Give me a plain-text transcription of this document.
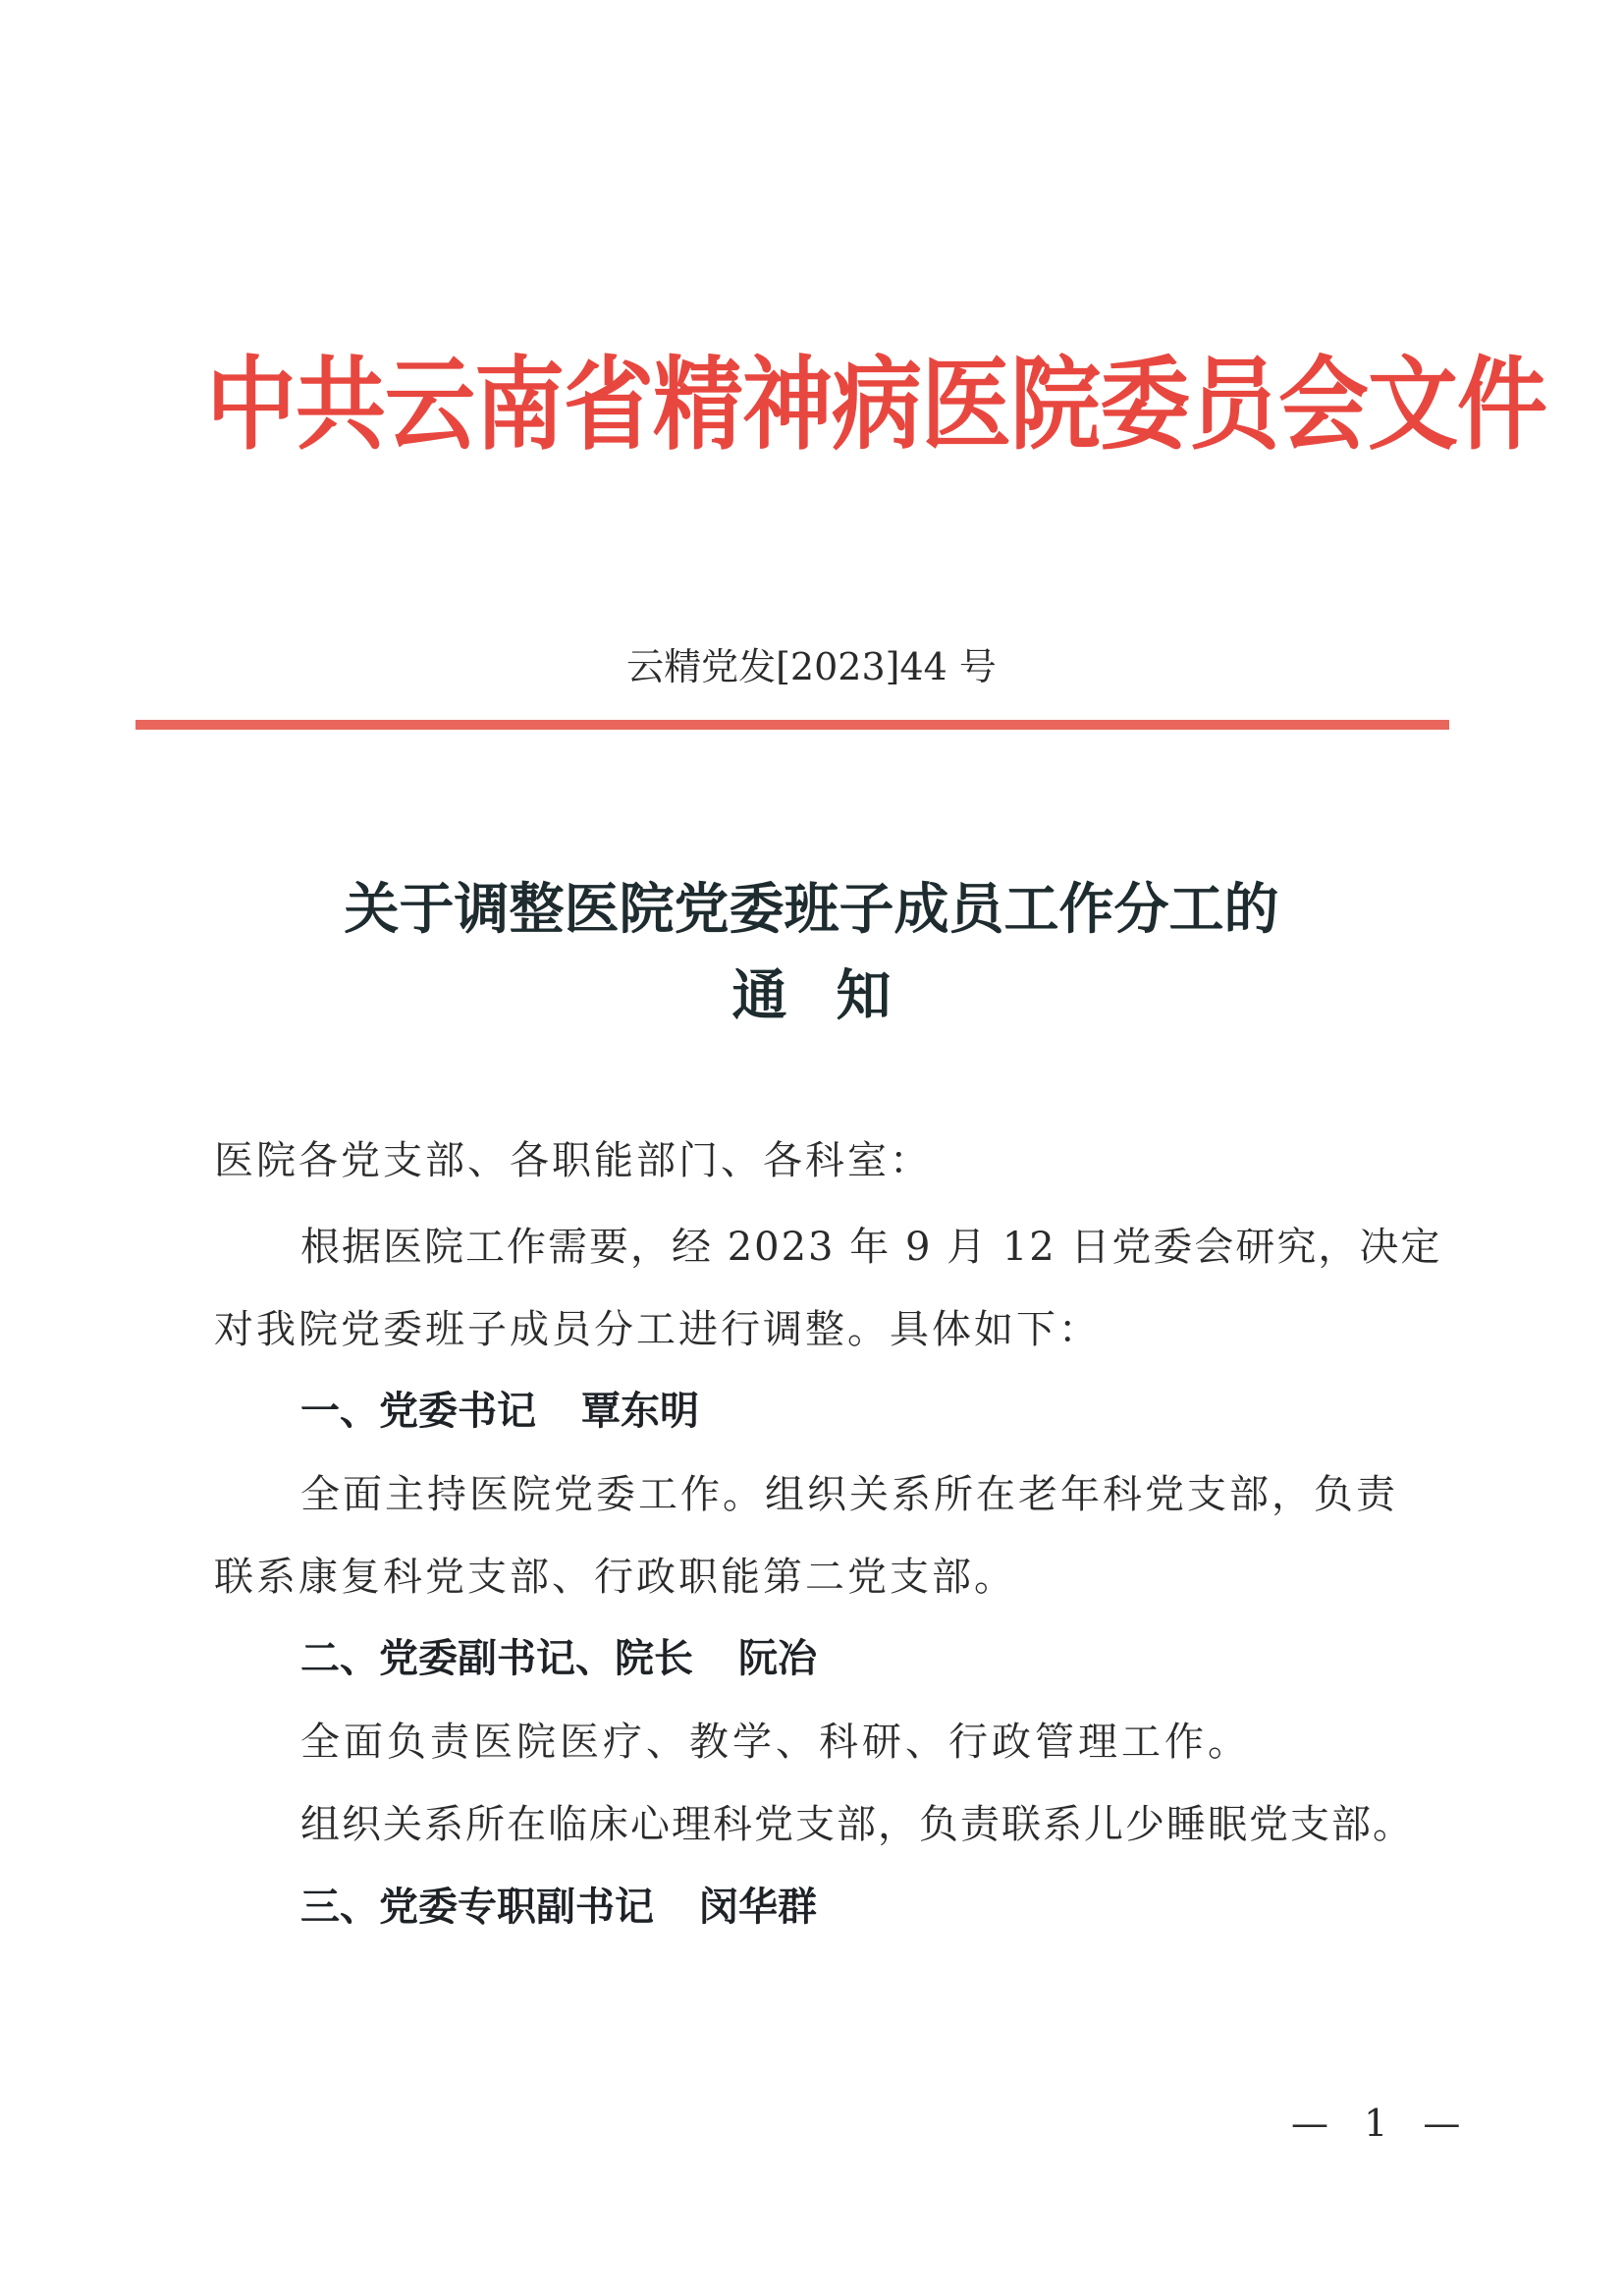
中共云南省精神病医院委员会文件
云精党发[2023]44 号
关于调整医院党委班子成员工作分工的
通知
医院各党支部、各职能部门、各科室：
根据医院工作需要，经 2023 年 9 月 12 日党委会研究，决定
对我院党委班子成员分工进行调整。具体如下：
一、党委书记 覃东明
全面主持医院党委工作。组织关系所在老年科党支部，负责
联系康复科党支部、行政职能第二党支部。
二、党委副书记、院长 阮冶
全面负责医院医疗、教学、科研、行政管理工作。
组织关系所在临床心理科党支部，负责联系儿少睡眠党支部。
三、党委专职副书记 闵华群
— 1 —
